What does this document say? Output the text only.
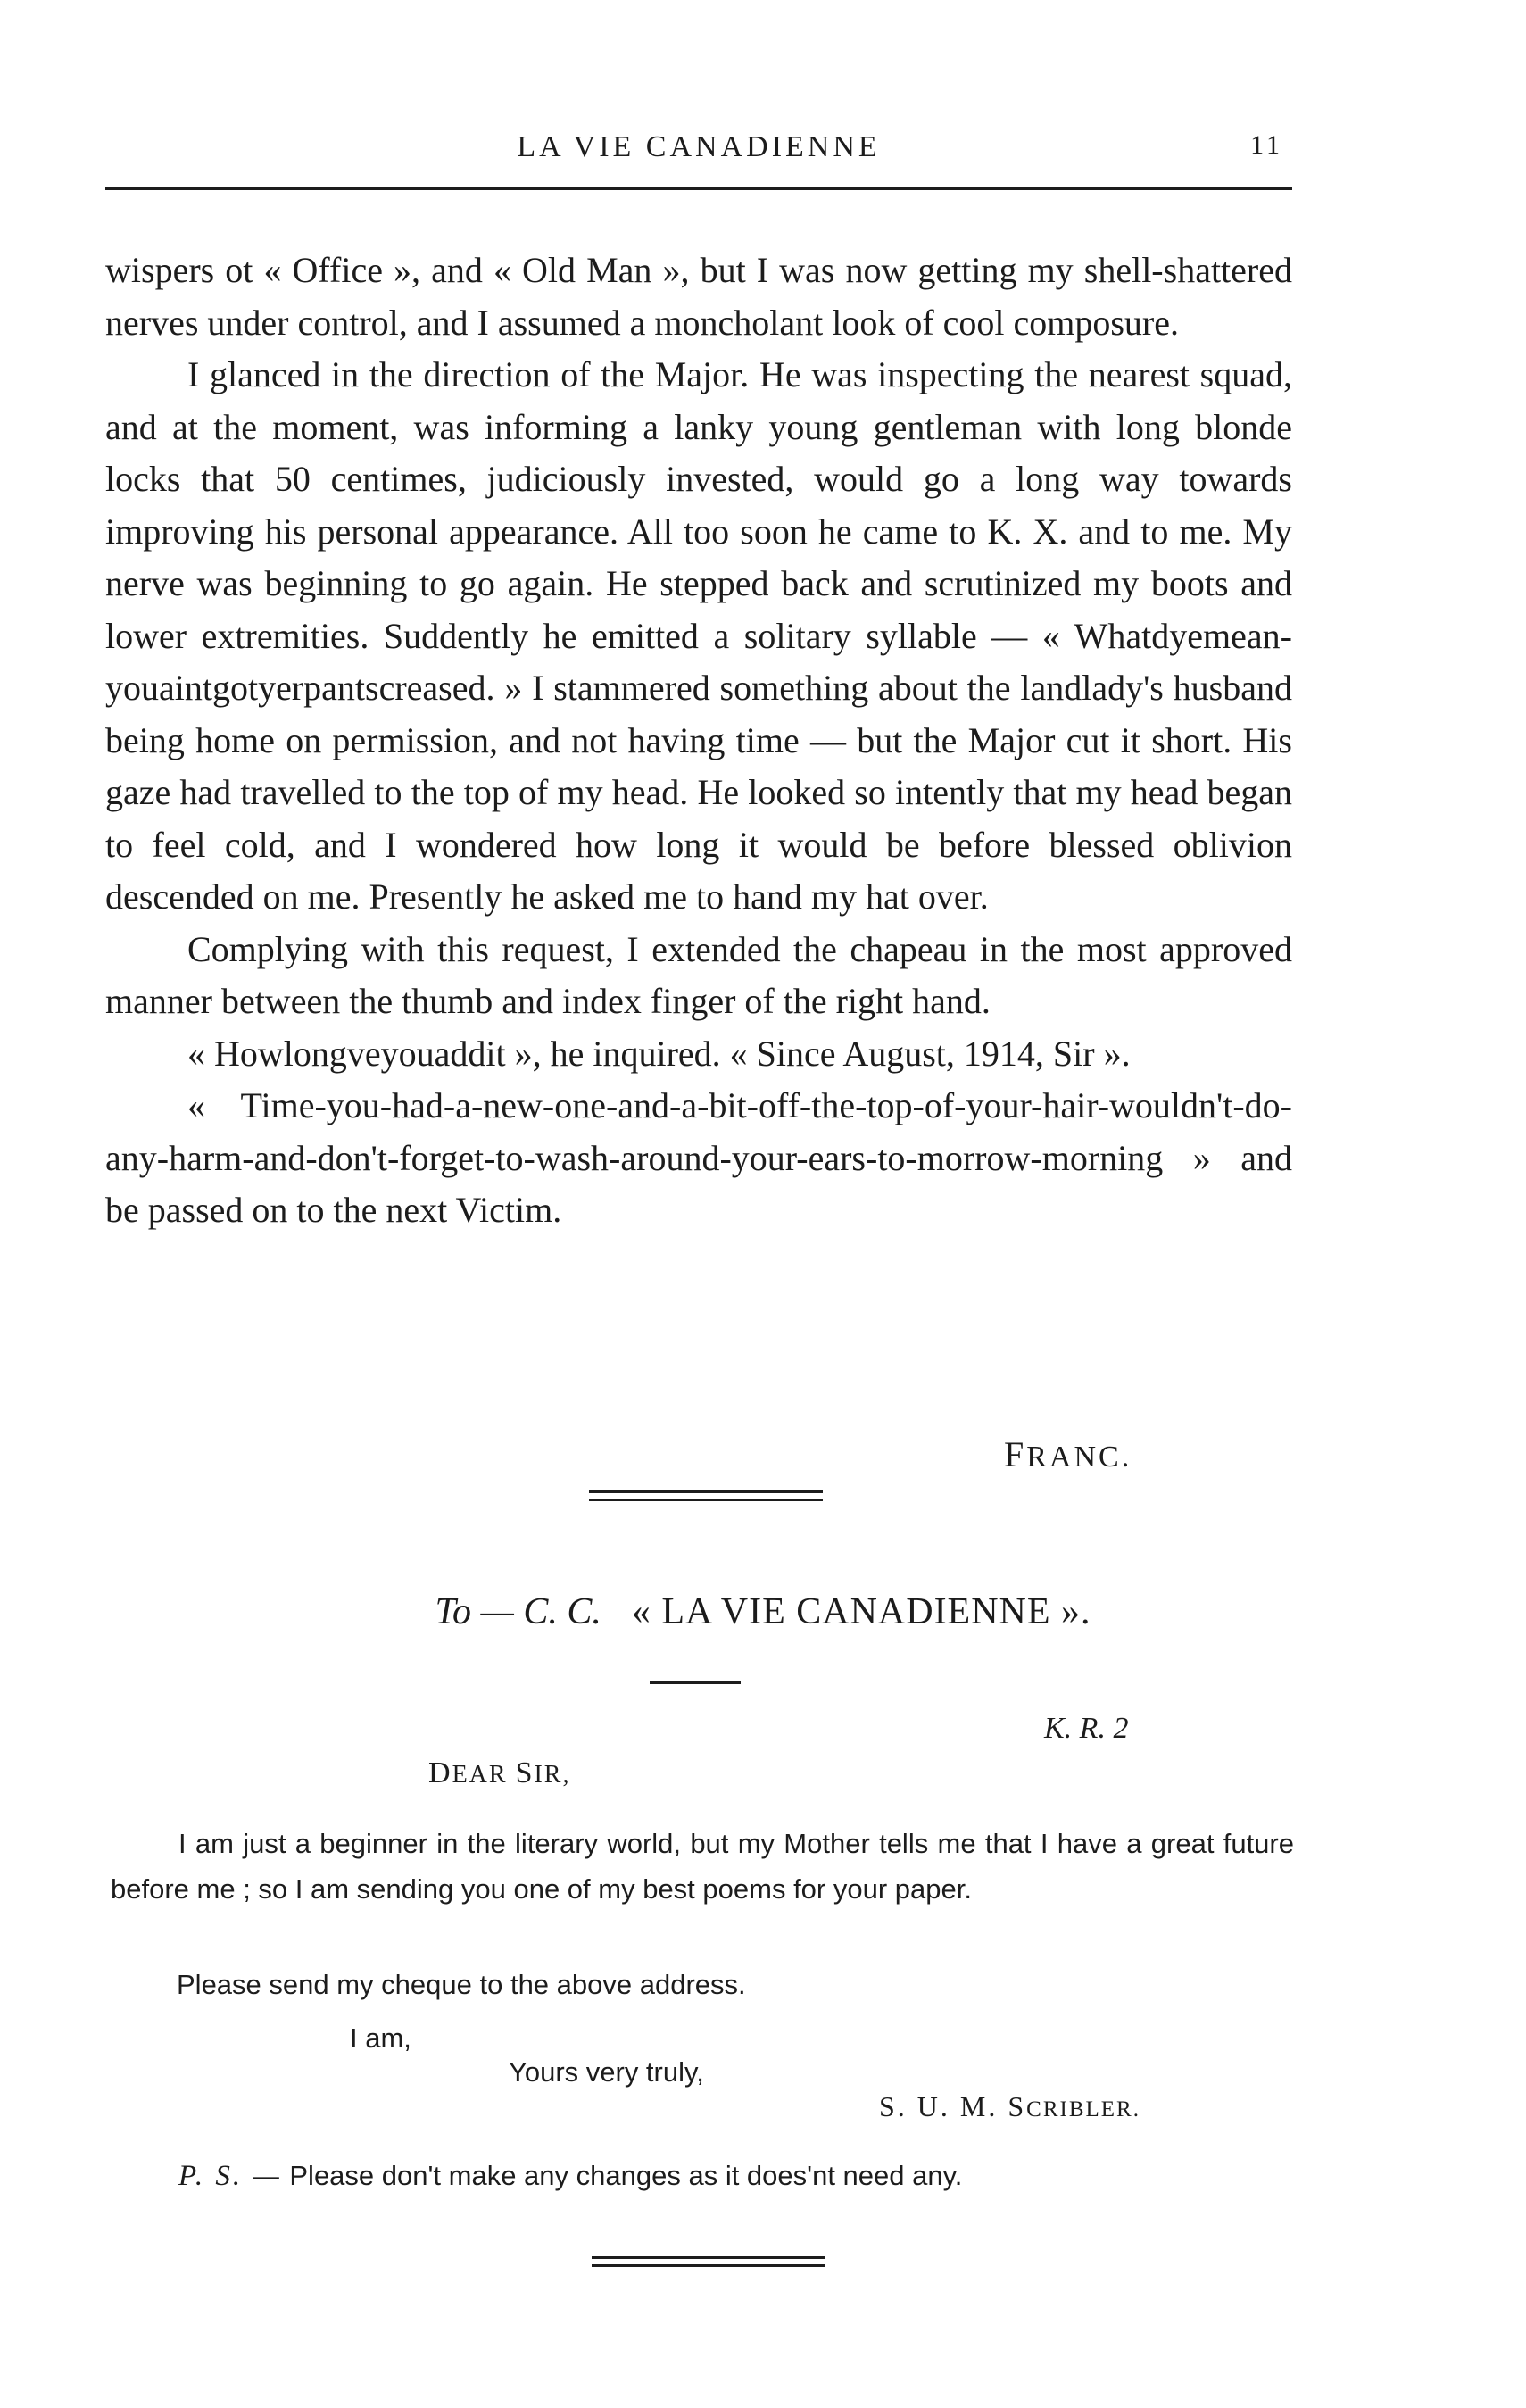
LA VIE CANADIENNE	11

wispers ot « Office », and « Old Man », but I was now getting my shell-shattered nerves under control, and I assumed a moncholant look of cool composure.

I glanced in the direction of the Major. He was inspecting the nearest squad, and at the moment, was informing a lanky young gentleman with long blonde locks that 50 centimes, judiciously invested, would go a long way towards improving his personal appearance. All too soon he came to K. X. and to me. My nerve was beginning to go again. He stepped back and scrutinized my boots and lower extremities. Suddently he emitted a solitary syllable — « Whatdyemean-youaintgotyerpantscreased. » I stammered something about the landlady's husband being home on permission, and not having time — but the Major cut it short. His gaze had travelled to the top of my head. He looked so intently that my head began to feel cold, and I wondered how long it would be before blessed oblivion descended on me. Presently he asked me to hand my hat over.

Complying with this request, I extended the chapeau in the most approved manner between the thumb and index finger of the right hand.

« Howlongveyouaddit », he inquired. « Since August, 1914, Sir ».

« Time-you-had-a-new-one-and-a-bit-off-the-top-of-your-hair-wouldn't-do-any-harm-and-don't-forget-to-wash-around-your-ears-to-morrow-morning » and be passed on to the next Victim.

FRANC.
To — C. C. « LA VIE CANADIENNE ».
K. R. 2
DEAR SIR,

I am just a beginner in the literary world, but my Mother tells me that I have a great future before me ; so I am sending you one of my best poems for your paper.

Please send my cheque to the above address.
I am,
Yours very truly,
S. U. M. SCRIBLER.
P. S. — Please don't make any changes as it does'nt need any.
